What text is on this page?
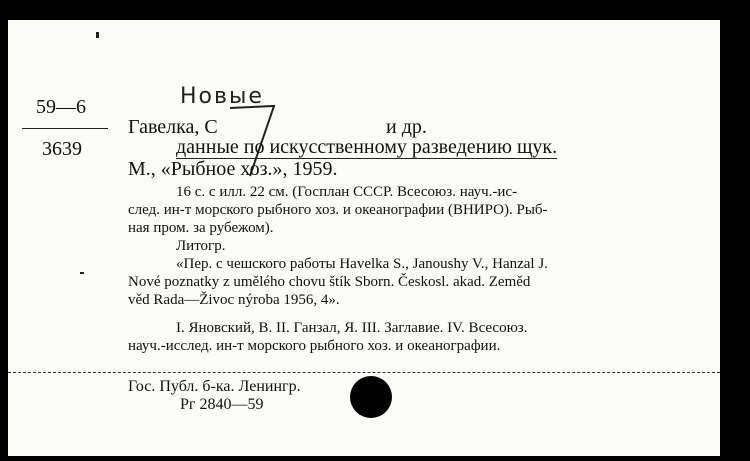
59—6
3639
Новые
Гавелка, С	и др.
данные по искусственному разведению щук.
М., «Рыбное хоз.», 1959.
16 с. с илл. 22 см. (Госплан СССР. Всесоюз. науч.-ис-
след. ин-т морского рыбного хоз. и океанографии (ВНИРО). Рыб-
ная пром. за рубежом).
Литогр.
«Пер. с чешского работы Havelka S., Janoushy V., Hanzal J.
Nové poznatky z umělého chovu štík Sborn. Českosl. akad. Zeměd
věd Rada—Živoc nýroba 1956, 4».
I. Яновский, В. II. Ганзал, Я. III. Заглавие. IV. Всесоюз.
науч.-исслед. ин-т морского рыбного хоз. и океанографии.
Гос. Публ. б-ка. Ленингр.
Рг 2840—59
